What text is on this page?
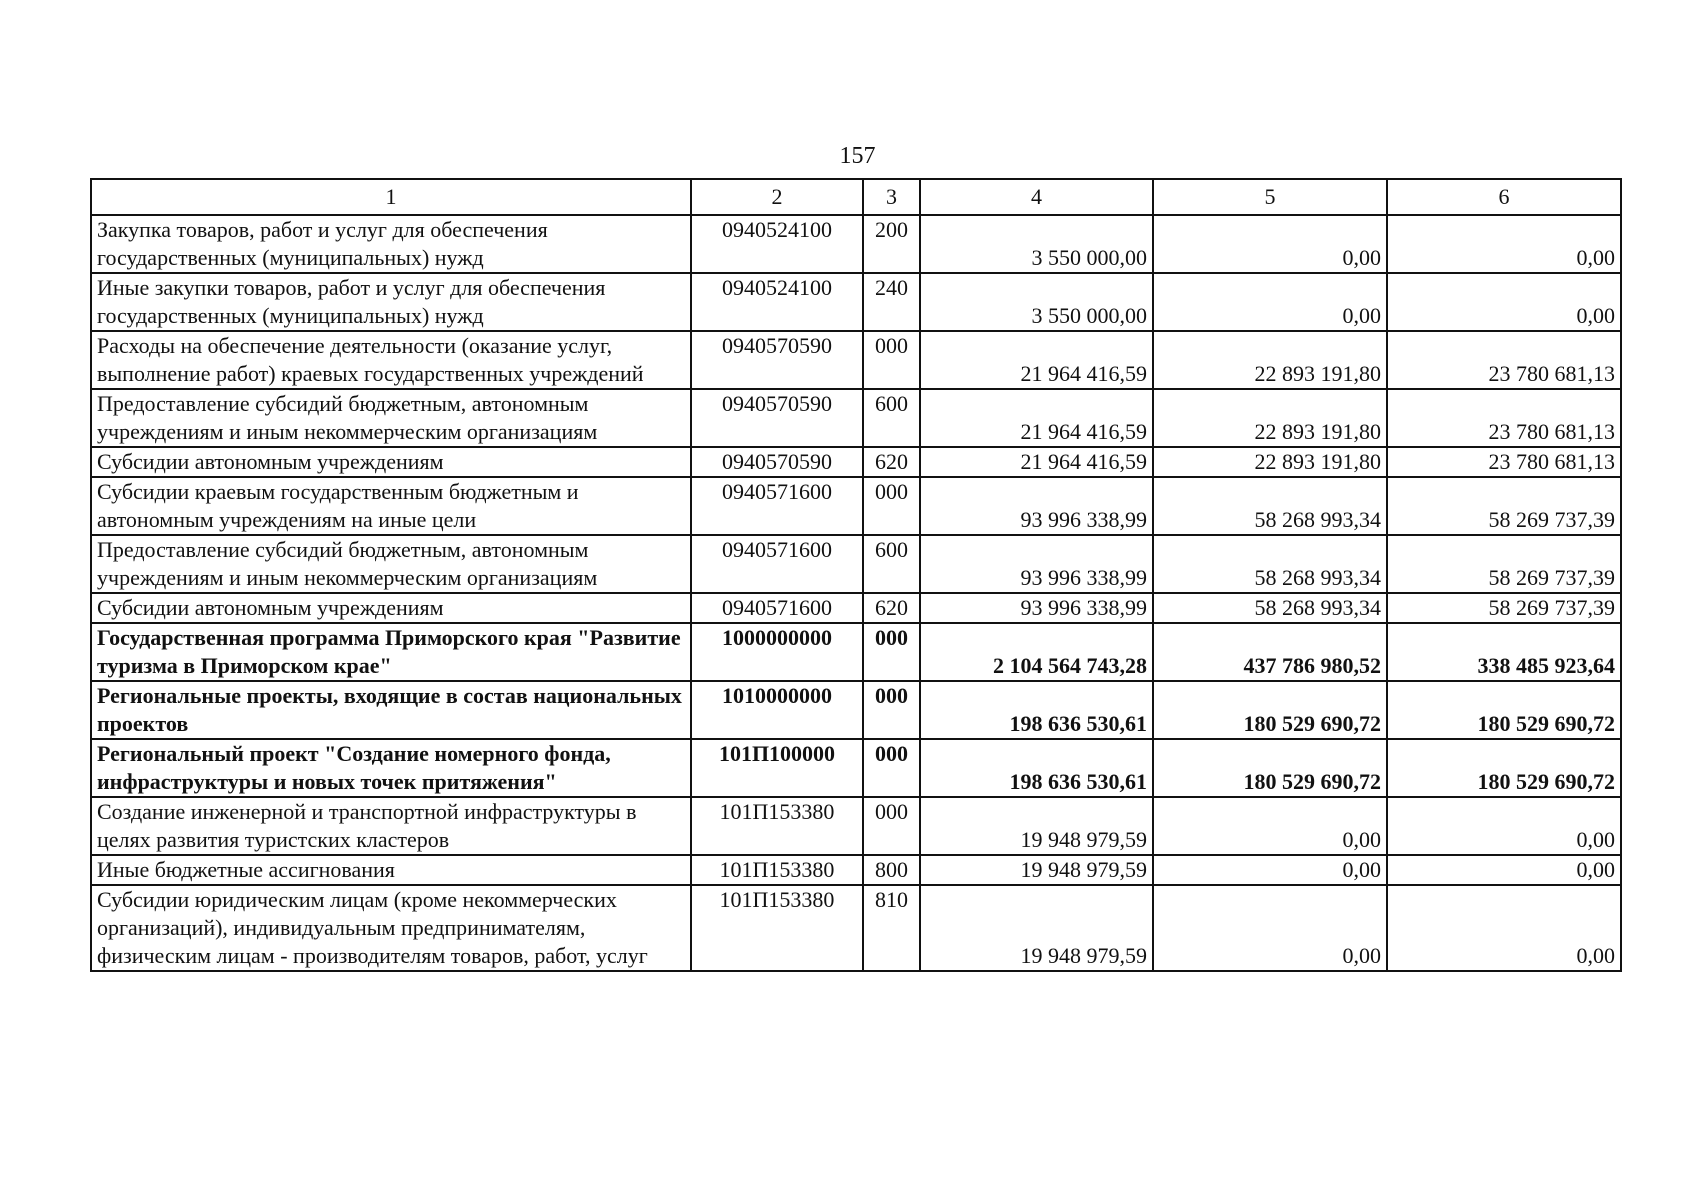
157
1	2	3	4	5	6
Закупка товаров, работ и услуг для обеспечения государственных (муниципальных) нужд	0940524100	200	3 550 000,00	0,00	0,00
Иные закупки товаров, работ и услуг для обеспечения государственных (муниципальных) нужд	0940524100	240	3 550 000,00	0,00	0,00
Расходы на обеспечение деятельности (оказание услуг, выполнение работ) краевых государственных учреждений	0940570590	000	21 964 416,59	22 893 191,80	23 780 681,13
Предоставление субсидий бюджетным, автономным учреждениям и иным некоммерческим организациям	0940570590	600	21 964 416,59	22 893 191,80	23 780 681,13
Субсидии автономным учреждениям	0940570590	620	21 964 416,59	22 893 191,80	23 780 681,13
Субсидии краевым государственным бюджетным и автономным учреждениям на иные цели	0940571600	000	93 996 338,99	58 268 993,34	58 269 737,39
Предоставление субсидий бюджетным, автономным учреждениям и иным некоммерческим организациям	0940571600	600	93 996 338,99	58 268 993,34	58 269 737,39
Субсидии автономным учреждениям	0940571600	620	93 996 338,99	58 268 993,34	58 269 737,39
Государственная программа Приморского края "Развитие туризма в Приморском крае"	1000000000	000	2 104 564 743,28	437 786 980,52	338 485 923,64
Региональные проекты, входящие в состав национальных проектов	1010000000	000	198 636 530,61	180 529 690,72	180 529 690,72
Региональный проект "Создание номерного фонда, инфраструктуры и новых точек притяжения"	101П100000	000	198 636 530,61	180 529 690,72	180 529 690,72
Создание инженерной и транспортной инфраструктуры в целях развития туристских кластеров	101П153380	000	19 948 979,59	0,00	0,00
Иные бюджетные ассигнования	101П153380	800	19 948 979,59	0,00	0,00
Субсидии юридическим лицам (кроме некоммерческих организаций), индивидуальным предпринимателям, физическим лицам - производителям товаров, работ, услуг	101П153380	810	19 948 979,59	0,00	0,00
